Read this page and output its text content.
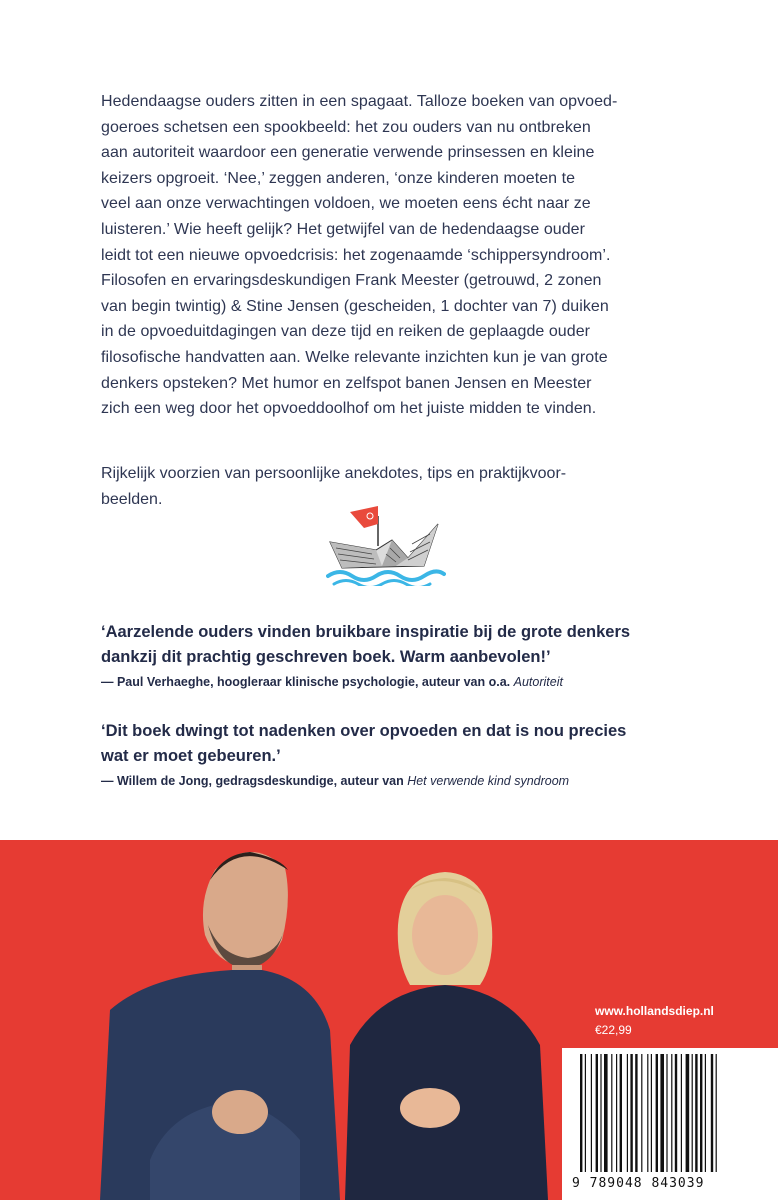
Hedendaagse ouders zitten in een spagaat. Talloze boeken van opvoed-
goeroes schetsen een spookbeeld: het zou ouders van nu ontbreken
aan autoriteit waardoor een generatie verwende prinsessen en kleine
keizers opgroeit. ‘Nee,’ zeggen anderen, ‘onze kinderen moeten te
veel aan onze verwachtingen voldoen, we moeten eens écht naar ze
luisteren.’ Wie heeft gelijk? Het getwijfel van de hedendaagse ouder
leidt tot een nieuwe opvoedcrisis: het zogenaamde ‘schippersyndroom’.
Filosofen en ervaringsdeskundigen Frank Meester (getrouwd, 2 zonen
van begin twintig) & Stine Jensen (gescheiden, 1 dochter van 7) duiken
in de opvoeduitdagingen van deze tijd en reiken de geplaagde ouder
filosofische handvatten aan. Welke relevante inzichten kun je van grote
denkers opsteken? Met humor en zelfspot banen Jensen en Meester
zich een weg door het opvoeddoolhof om het juiste midden te vinden.
Rijkelijk voorzien van persoonlijke anekdotes, tips en praktijkvoor-
beelden.
‘Aarzelende ouders vinden bruikbare inspiratie bij de grote denkers
dankzij dit prachtig geschreven boek. Warm aanbevolen!’
— Paul Verhaeghe, hoogleraar klinische psychologie, auteur van o.a. Autoriteit
‘Dit boek dwingt tot nadenken over opvoeden en dat is nou precies
wat er moet gebeuren.’
— Willem de Jong, gedragsdeskundige, auteur van Het verwende kind syndroom
www.hollandsdiep.nl
€22,99
9 789048 843039
